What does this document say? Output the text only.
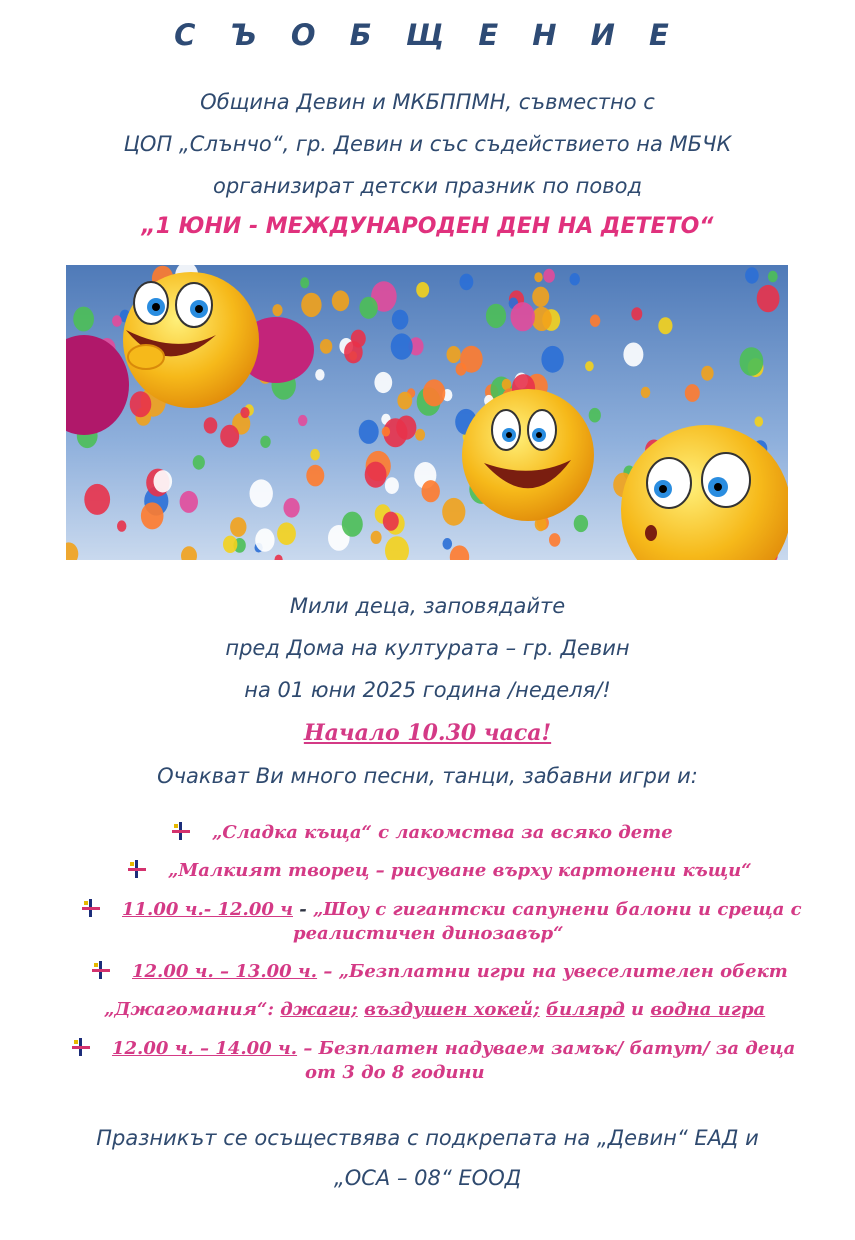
С Ъ О Б Щ Е Н И Е
Община Девин и МКБППМН, съвместно с
ЦОП „Слънчо“, гр. Девин и със съдействието на МБЧК
организират детски празник по повод
„1 ЮНИ - МЕЖДУНАРОДЕН ДЕН НА ДЕТЕТО“
Мили деца, заповядайте
пред Дома на културата – гр. Девин
на 01 юни 2025 година /неделя/!
Начало 10.30 часа!
Очакват Ви много песни, танци, забавни игри и:
„Сладка къща“ с лакомства за всяко дете
„Малкият творец – рисуване върху картонени къщи“
11.00 ч.- 12.00 ч - „Шоу с гигантски сапунени балони и среща с
реалистичен динозавър“
12.00 ч. – 13.00 ч. – „Безплатни игри на увеселителен обект
„Джагомания“: джаги; въздушен хокей; билярд и водна игра
12.00 ч. – 14.00 ч. – Безплатен надуваем замък/ батут/ за деца
от 3 до 8 години
Празникът се осъществява с подкрепата на „Девин“ ЕАД и
„ОСА – 08“ ЕООД
